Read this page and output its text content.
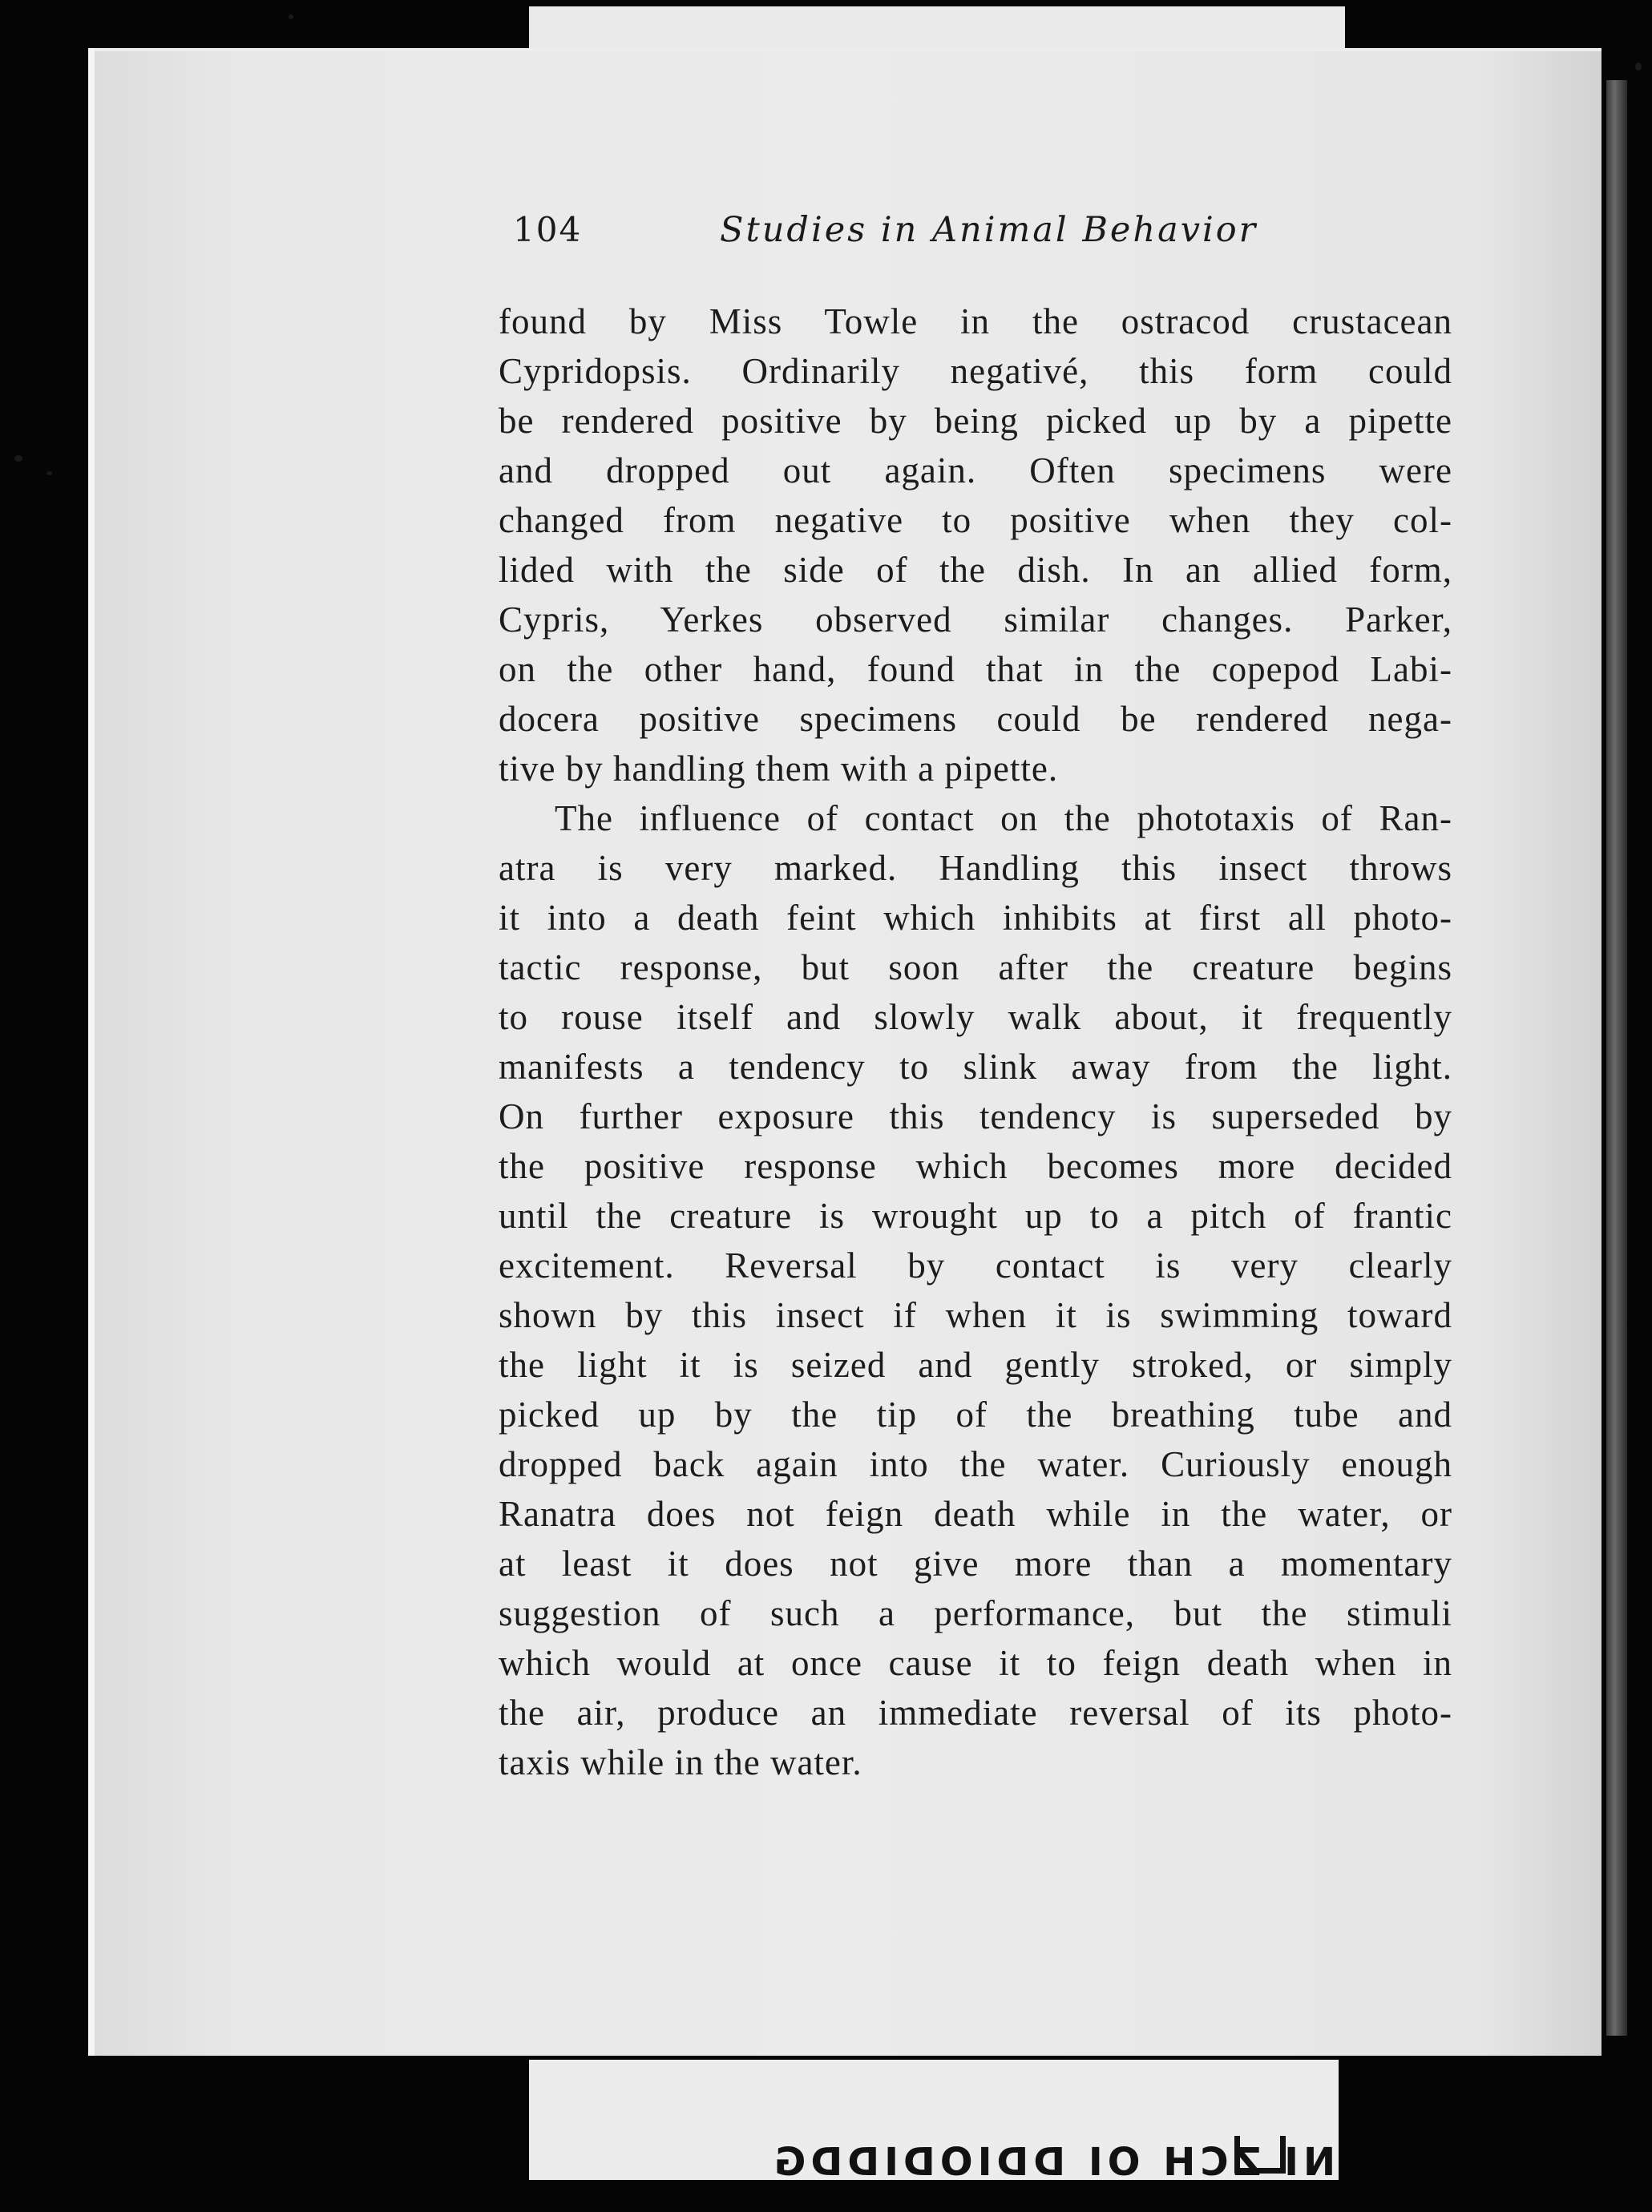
NI ZCH OI DDIODIDDG
104	Studies in Animal Behavior
found by Miss Towle in the ostracod crustacean
Cypridopsis. Ordinarily negativé, this form could
be rendered positive by being picked up by a pipette
and dropped out again. Often specimens were
changed from negative to positive when they col-
lided with the side of the dish. In an allied form,
Cypris, Yerkes observed similar changes. Parker,
on the other hand, found that in the copepod Labi-
docera positive specimens could be rendered nega-
tive by handling them with a pipette.
The influence of contact on the phototaxis of Ran-
atra is very marked. Handling this insect throws
it into a death feint which inhibits at first all photo-
tactic response, but soon after the creature begins
to rouse itself and slowly walk about, it frequently
manifests a tendency to slink away from the light.
On further exposure this tendency is superseded by
the positive response which becomes more decided
until the creature is wrought up to a pitch of frantic
excitement. Reversal by contact is very clearly
shown by this insect if when it is swimming toward
the light it is seized and gently stroked, or simply
picked up by the tip of the breathing tube and
dropped back again into the water. Curiously enough
Ranatra does not feign death while in the water, or
at least it does not give more than a momentary
suggestion of such a performance, but the stimuli
which would at once cause it to feign death when in
the air, produce an immediate reversal of its photo-
taxis while in the water.
